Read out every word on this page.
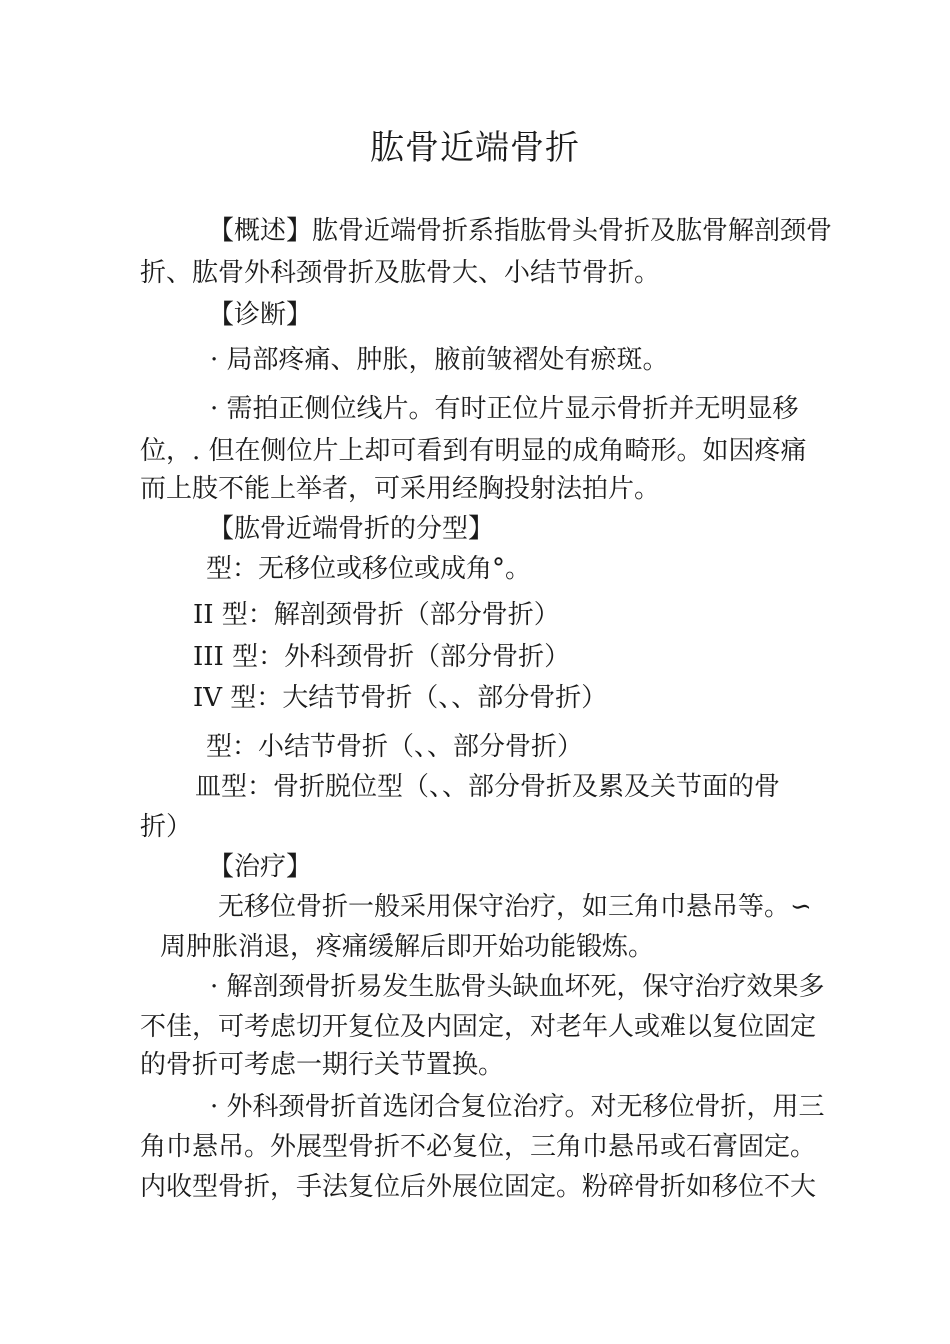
肱骨近端骨折
【概述】肱骨近端骨折系指肱骨头骨折及肱骨解剖颈骨
折、肱骨外科颈骨折及肱骨大、小结节骨折。
【诊断】
· 局部疼痛、肿胀，腋前皱褶处有瘀斑。
· 需拍正侧位线片。有时正位片显示骨折并无明显移
位，. 但在侧位片上却可看到有明显的成角畸形。如因疼痛
而上肢不能上举者，可采用经胸投射法拍片。
【肱骨近端骨折的分型】
型：无移位或移位或成角°。
II 型：解剖颈骨折（部分骨折）
III 型：外科颈骨折（部分骨折）
IV 型：大结节骨折（、、部分骨折）
型：小结节骨折（、、部分骨折）
皿型：骨折脱位型（、、部分骨折及累及关节面的骨
折）
【治疗】
无移位骨折一般采用保守治疗，如三角巾悬吊等。∽
周肿胀消退，疼痛缓解后即开始功能锻炼。
· 解剖颈骨折易发生肱骨头缺血坏死，保守治疗效果多
不佳，可考虑切开复位及内固定，对老年人或难以复位固定
的骨折可考虑一期行关节置换。
· 外科颈骨折首选闭合复位治疗。对无移位骨折，用三
角巾悬吊。外展型骨折不必复位，三角巾悬吊或石膏固定。
内收型骨折，手法复位后外展位固定。粉碎骨折如移位不大
